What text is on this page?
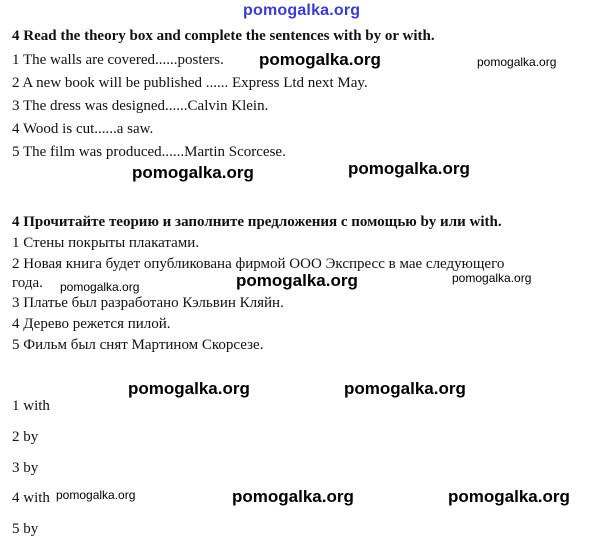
pomogalka.org
4 Read the theory box and complete the sentences with by or with.
1 The walls are covered......posters.
2 A new book will be published ...... Express Ltd next May.
3 The dress was designed......Calvin Klein.
4 Wood is cut......a saw.
5 The film was produced......Martin Scorcese.
pomogalka.org	pomogalka.org
pomogalka.org	pomogalka.org
4 Прочитайте теорию и заполните предложения с помощью by или with.
1 Стены покрыты плакатами.
2 Новая книга будет опубликована фирмой ООО Экспресс в мае следующего
года.
3 Платье был разработано Кэльвин Кляйн.
4 Дерево режется пилой.
5 Фильм был снят Мартином Скорсезе.
pomogalka.org	pomogalka.org	pomogalka.org
pomogalka.org	pomogalka.org
1 with
2 by
3 by
4 with
5 by
pomogalka.org	pomogalka.org	pomogalka.org
